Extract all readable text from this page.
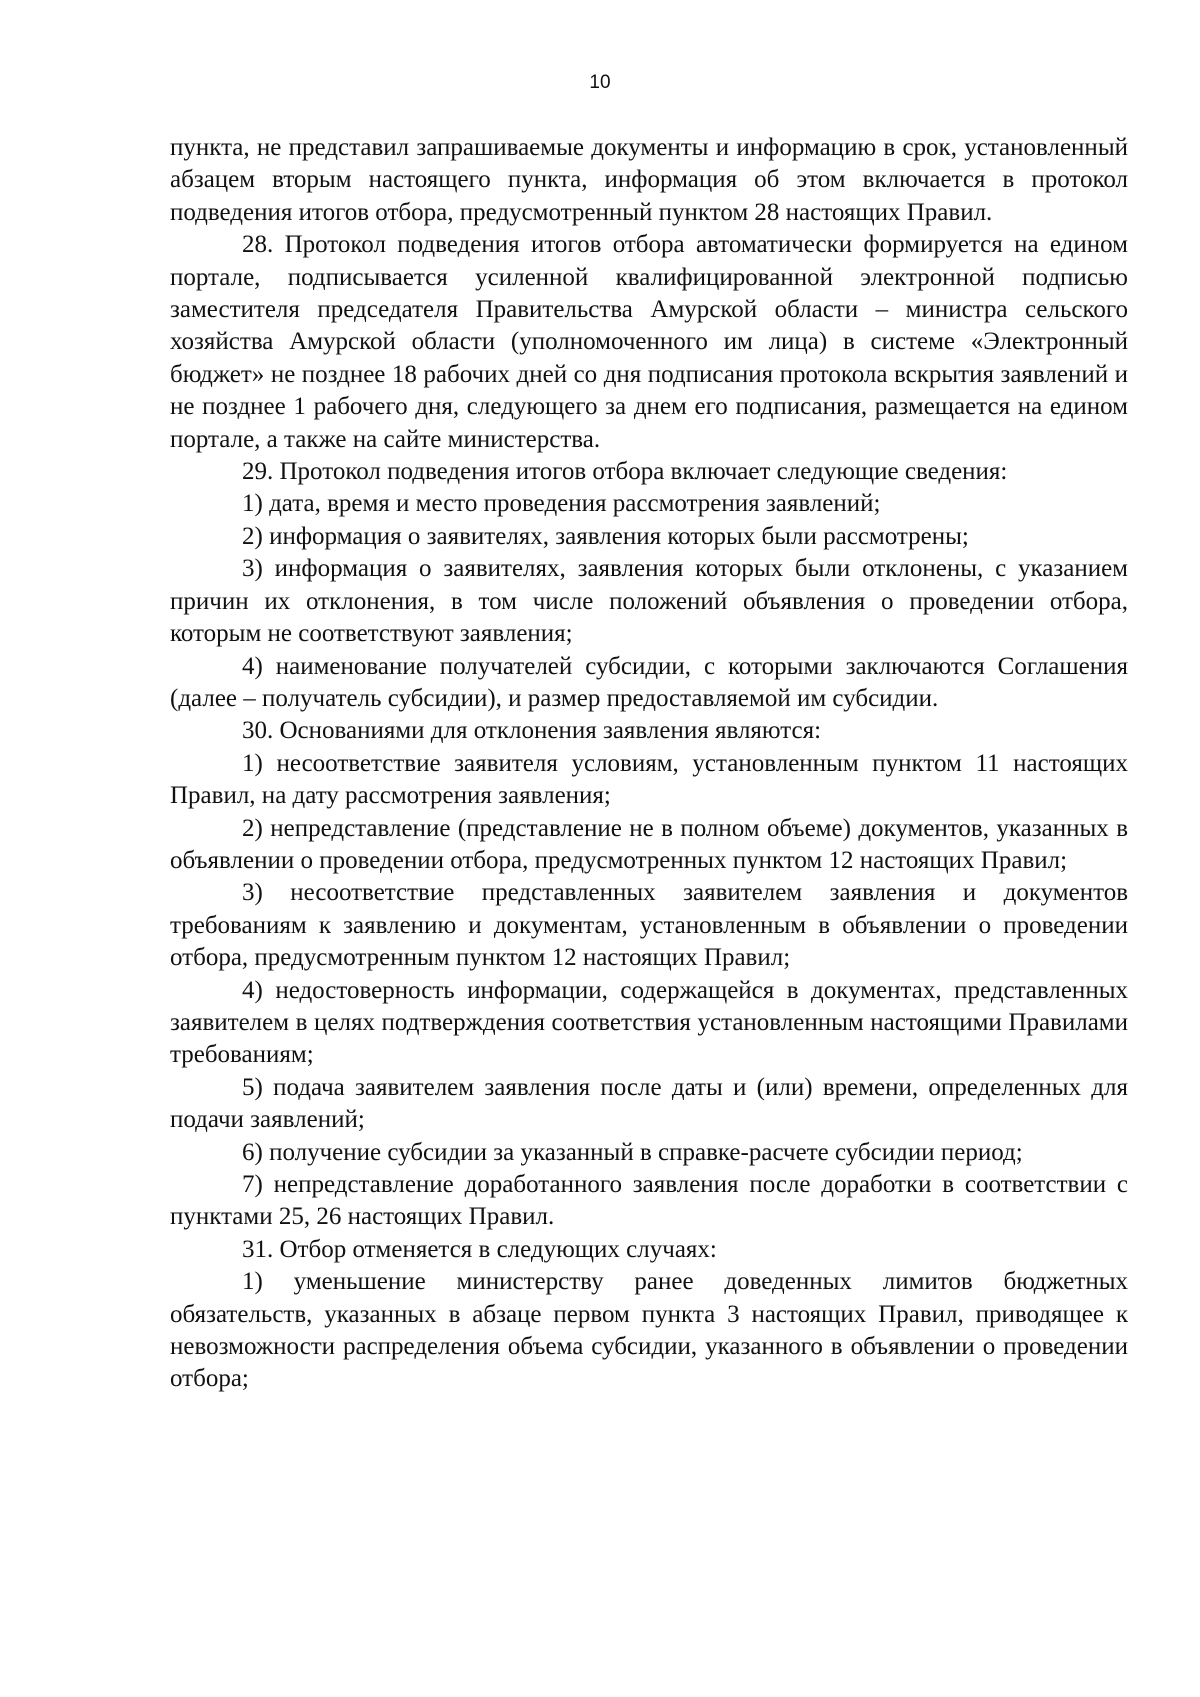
10

пункта, не представил запрашиваемые документы и информацию в срок, установленный абзацем вторым настоящего пункта, информация об этом включается в протокол подведения итогов отбора, предусмотренный пунктом 28 настоящих Правил.

28. Протокол подведения итогов отбора автоматически формируется на едином портале, подписывается усиленной квалифицированной электронной подписью заместителя председателя Правительства Амурской области – министра сельского хозяйства Амурской области (уполномоченного им лица) в системе «Электронный бюджет» не позднее 18 рабочих дней со дня подписания протокола вскрытия заявлений и не позднее 1 рабочего дня, следующего за днем его подписания, размещается на едином портале, а также на сайте министерства.

29. Протокол подведения итогов отбора включает следующие сведения:

1) дата, время и место проведения рассмотрения заявлений;

2) информация о заявителях, заявления которых были рассмотрены;

3) информация о заявителях, заявления которых были отклонены, с указанием причин их отклонения, в том числе положений объявления о проведении отбора, которым не соответствуют заявления;

4) наименование получателей субсидии, с которыми заключаются Соглашения (далее – получатель субсидии), и размер предоставляемой им субсидии.

30. Основаниями для отклонения заявления являются:

1) несоответствие заявителя условиям, установленным пунктом 11 настоящих Правил, на дату рассмотрения заявления;

2) непредставление (представление не в полном объеме) документов, указанных в объявлении о проведении отбора, предусмотренных пунктом 12 настоящих Правил;

3) несоответствие представленных заявителем заявления и документов требованиям к заявлению и документам, установленным в объявлении о проведении отбора, предусмотренным пунктом 12 настоящих Правил;

4) недостоверность информации, содержащейся в документах, представленных заявителем в целях подтверждения соответствия установленным настоящими Правилами требованиям;

5) подача заявителем заявления после даты и (или) времени, определенных для подачи заявлений;

6) получение субсидии за указанный в справке-расчете субсидии период;

7) непредставление доработанного заявления после доработки в соответствии с пунктами 25, 26 настоящих Правил.

31. Отбор отменяется в следующих случаях:

1) уменьшение министерству ранее доведенных лимитов бюджетных обязательств, указанных в абзаце первом пункта 3 настоящих Правил, приводящее к невозможности распределения объема субсидии, указанного в объявлении о проведении отбора;
